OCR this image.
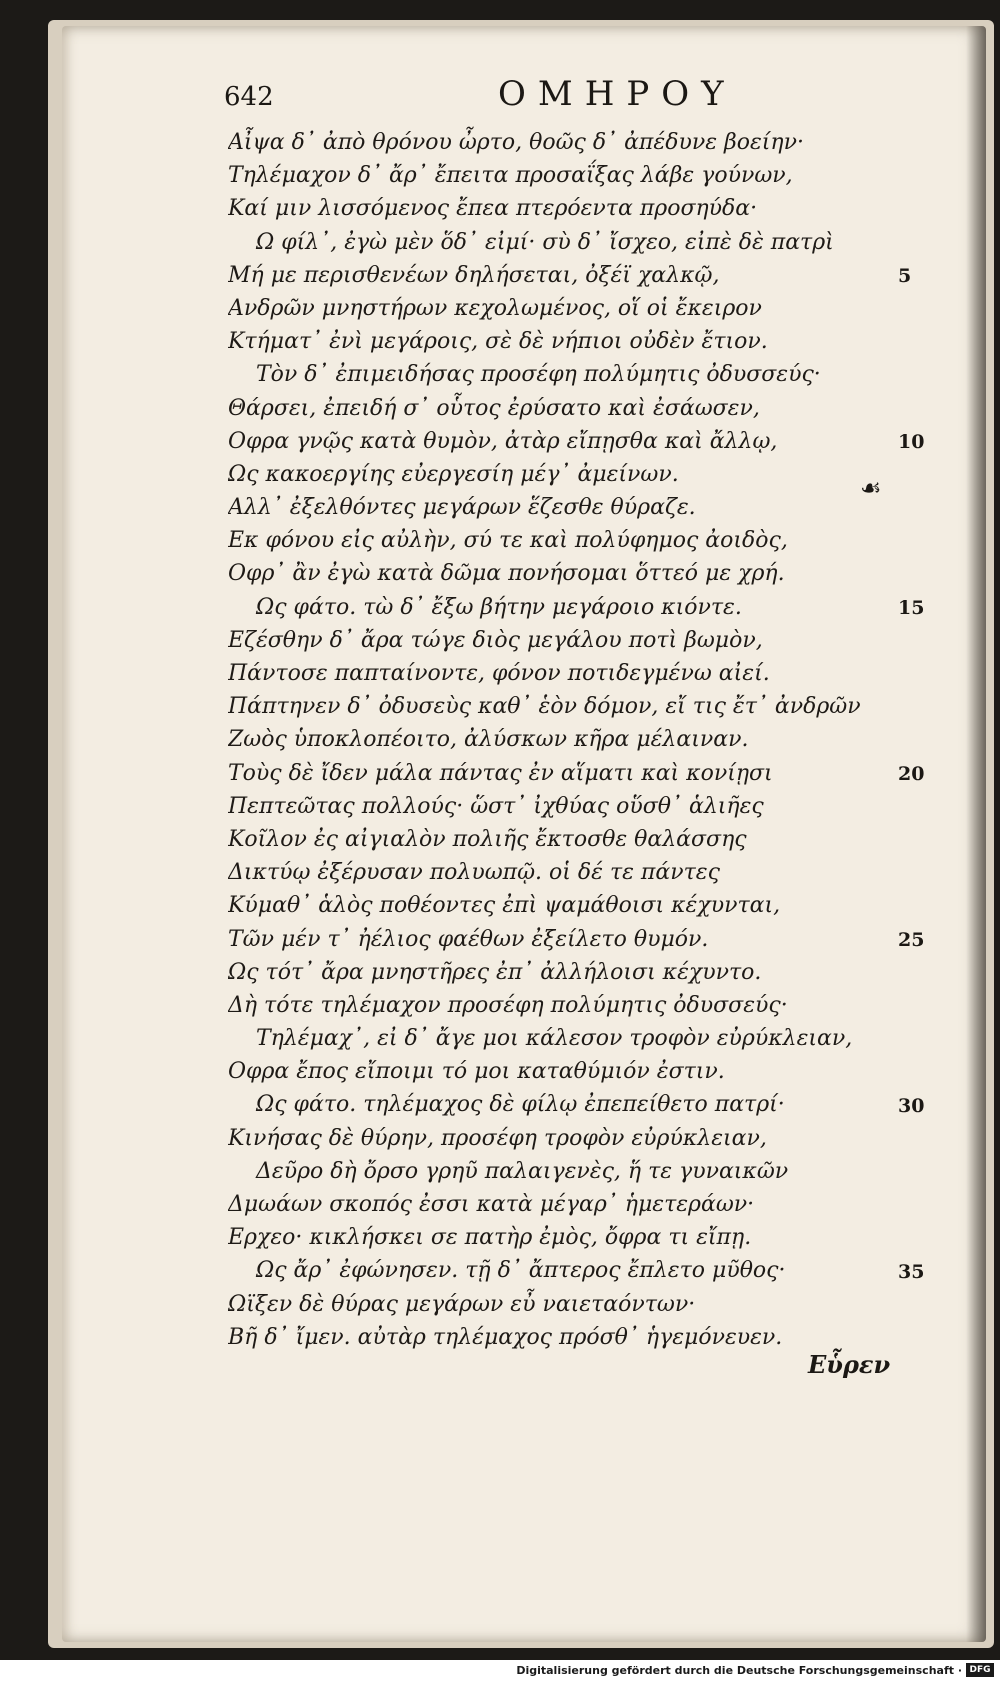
642	ΟΜΗΡΟΥ
Αἶψα δ᾽ ἀπὸ θρόνου ὦρτο, θοῶς δ᾽ ἀπέδυνε βοείην·
Τηλέμαχον δ᾽ ἄρ᾽ ἔπειτα προσαΐξας λάβε γούνων,
Καί μιν λισσόμενος ἔπεα πτερόεντα προσηύδα·
Ω φίλ᾽, ἐγὼ μὲν ὅδ᾽ εἰμί· σὺ δ᾽ ἴσχεο, εἰπὲ δὲ πατρὶ
Μή με περισθενέων δηλήσεται, ὀξέϊ χαλκῷ,
Ανδρῶν μνηστήρων κεχολωμένος, οἵ οἱ ἔκειρον
Κτήματ᾽ ἐνὶ μεγάροις, σὲ δὲ νήπιοι οὐδὲν ἔτιον.
Τὸν δ᾽ ἐπιμειδήσας προσέφη πολύμητις ὀδυσσεύς·
Θάρσει, ἐπειδή σ᾽ οὗτος ἐρύσατο καὶ ἐσάωσεν,
Οφρα γνῷς κατὰ θυμὸν, ἀτὰρ εἴπῃσθα καὶ ἄλλῳ,
Ως κακοεργίης εὐεργεσίη μέγ᾽ ἀμείνων.
Αλλ᾽ ἐξελθόντες μεγάρων ἕζεσθε θύραζε.
Εκ φόνου εἰς αὐλὴν, σύ τε καὶ πολύφημος ἀοιδὸς,
Οφρ᾽ ἂν ἐγὼ κατὰ δῶμα πονήσομαι ὅττεό με χρή.
Ως φάτο. τὼ δ᾽ ἔξω βήτην μεγάροιο κιόντε.
Εζέσθην δ᾽ ἄρα τώγε διὸς μεγάλου ποτὶ βωμὸν,
Πάντοσε παπταίνοντε, φόνον ποτιδεγμένω αἰεί.
Πάπτηνεν δ᾽ ὀδυσεὺς καθ᾽ ἑὸν δόμον, εἴ τις ἔτ᾽ ἀνδρῶν
Ζωὸς ὑποκλοπέοιτο, ἀλύσκων κῆρα μέλαιναν.
Τοὺς δὲ ἴδεν μάλα πάντας ἐν αἵματι καὶ κονίῃσι
Πεπτεῶτας πολλούς· ὥστ᾽ ἰχθύας οὕσθ᾽ ἁλιῆες
Κοῖλον ἐς αἰγιαλὸν πολιῆς ἔκτοσθε θαλάσσης
Δικτύῳ ἐξέρυσαν πολυωπῷ. οἱ δέ τε πάντες
Κύμαθ᾽ ἁλὸς ποθέοντες ἐπὶ ψαμάθοισι κέχυνται,
Τῶν μέν τ᾽ ἠέλιος φαέθων ἐξείλετο θυμόν.
Ως τότ᾽ ἄρα μνηστῆρες ἐπ᾽ ἀλλήλοισι κέχυντο.
Δὴ τότε τηλέμαχον προσέφη πολύμητις ὀδυσσεύς·
Τηλέμαχ᾽, εἰ δ᾽ ἄγε μοι κάλεσον τροφὸν εὐρύκλειαν,
Οφρα ἔπος εἴποιμι τό μοι καταθύμιόν ἐστιν.
Ως φάτο. τηλέμαχος δὲ φίλῳ ἐπεπείθετο πατρί·
Κινήσας δὲ θύρην, προσέφη τροφὸν εὐρύκλειαν,
Δεῦρο δὴ ὄρσο γρηῦ παλαιγενὲς, ἥ τε γυναικῶν
Δμωάων σκοπός ἐσσι κατὰ μέγαρ᾽ ἡμετεράων·
Ερχεο· κικλήσκει σε πατὴρ ἐμὸς, ὄφρα τι εἴπῃ.
Ως ἄρ᾽ ἐφώνησεν. τῇ δ᾽ ἄπτερος ἔπλετο μῦθος·
Ωϊξεν δὲ θύρας μεγάρων εὖ ναιεταόντων·
Βῆ δ᾽ ἴμεν. αὐτὰρ τηλέμαχος πρόσθ᾽ ἡγεμόνευεν.
5
10
15
20
25
30
35
☙
Εὗρεν
Digitalisierung gefördert durch die Deutsche Forschungsgemeinschaft · DFG
